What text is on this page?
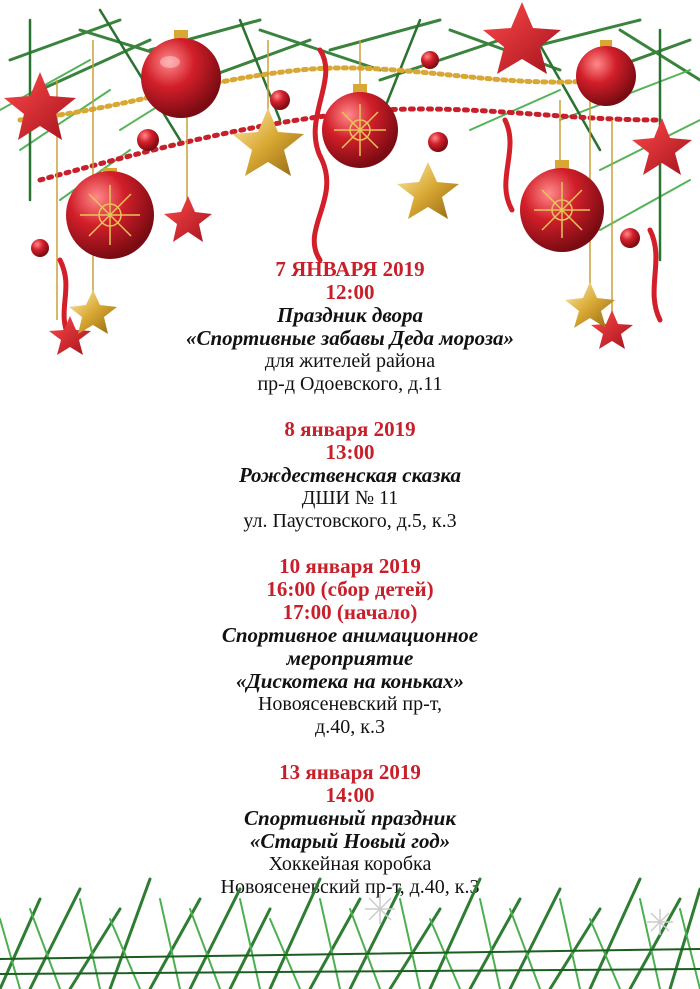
7 ЯНВАРЯ 2019
12:00
Праздник двора
«Спортивные забавы Деда мороза»
для жителей района
пр-д Одоевского, д.11
8 января 2019
13:00
Рождественская сказка
ДШИ № 11
ул. Паустовского, д.5, к.3
10 января 2019
16:00 (сбор детей)
17:00 (начало)
Спортивное анимационное
мероприятие
«Дискотека на коньках»
Новоясеневский пр-т,
д.40, к.3
13 января 2019
14:00
Спортивный праздник
«Старый Новый год»
Хоккейная коробка
Новоясеневский пр-т, д.40, к.3
